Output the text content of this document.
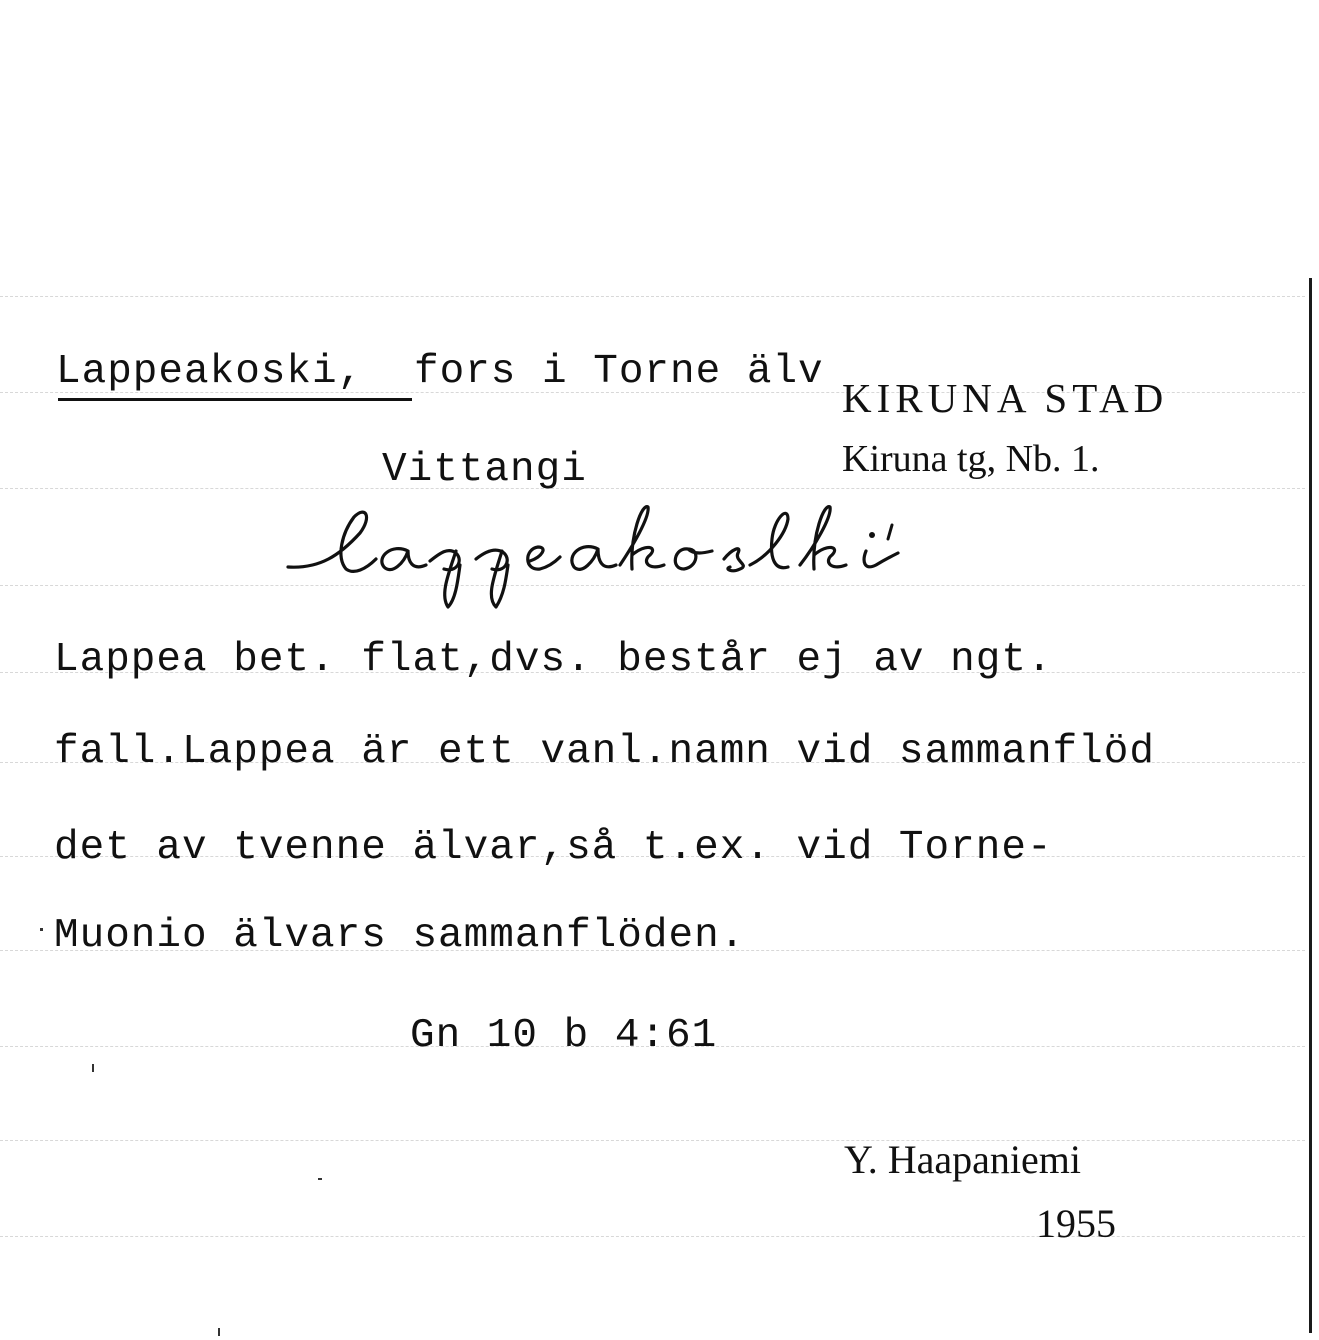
Lappeakoski, fors i Torne älv
KIRUNA STAD
Kiruna tg, Nb. 1.
Vittangi
Lappea bet. flat,dvs. består ej av ngt.
fall.Lappea är ett vanl.namn vid sammanflöd
det av tvenne älvar,så t.ex. vid Torne-
Muonio älvars sammanflöden.
Gn 10 b 4:61
Y. Haapaniemi
1955
